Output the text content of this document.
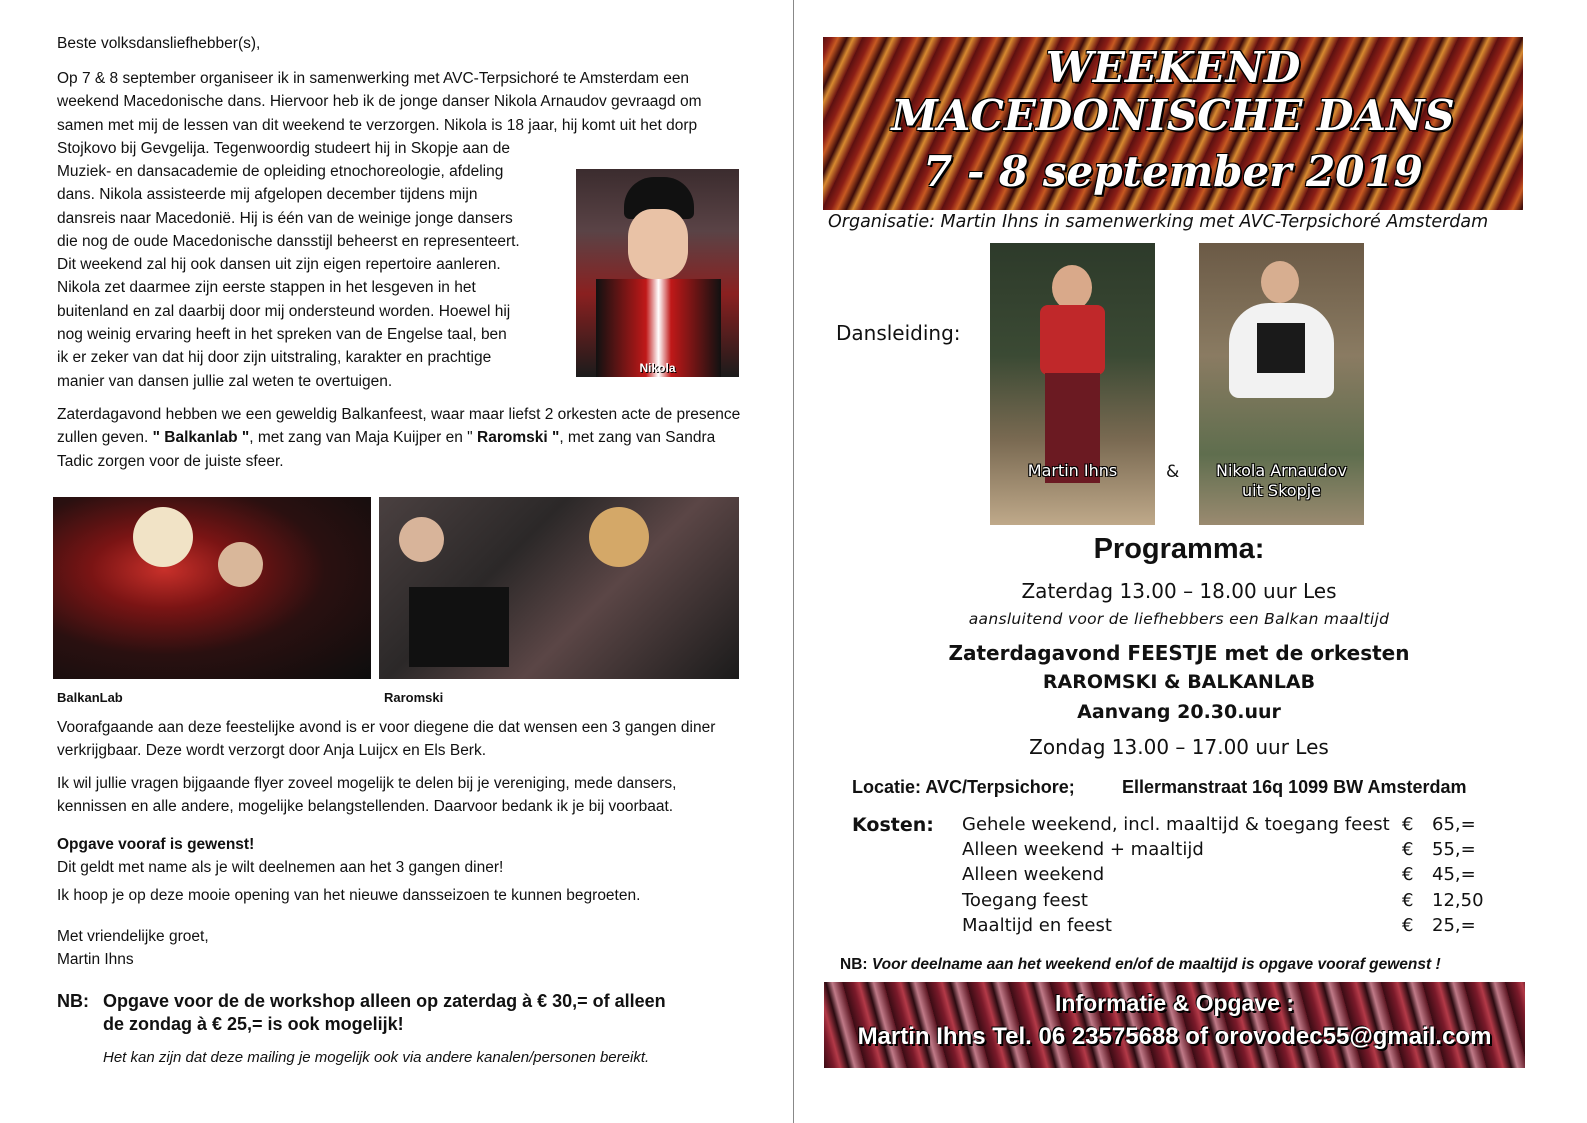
Beste volksdansliefhebber(s),

Op 7 & 8 september organiseer ik in samenwerking met AVC-Terpsichoré te Amsterdam een weekend Macedonische dans. Hiervoor heb ik de jonge danser Nikola Arnaudov gevraagd om samen met mij de lessen van dit weekend te verzorgen. Nikola is 18 jaar, hij komt uit het dorp Stojkovo bij Gevgelija. Tegenwoordig studeert hij in Skopje aan de

Muziek- en dansacademie de opleiding etnochoreologie, afdeling
dans. Nikola assisteerde mij afgelopen december tijdens mijn
dansreis naar Macedonië. Hij is één van de weinige jonge dansers
die nog de oude Macedonische dansstijl beheerst en representeert.
Dit weekend zal hij ook dansen uit zijn eigen repertoire aanleren.
Nikola zet daarmee zijn eerste stappen in het lesgeven in het
buitenland en zal daarbij door mij ondersteund worden. Hoewel hij
nog weinig ervaring heeft in het spreken van de Engelse taal, ben
ik er zeker van dat hij door zijn uitstraling, karakter en prachtige
manier van dansen jullie zal weten te overtuigen.
Nikola

Zaterdagavond hebben we een geweldig Balkanfeest, waar maar liefst 2 orkesten acte de presence zullen geven. " Balkanlab ", met zang van Maja Kuijper en " Raromski ", met zang van Sandra Tadic zorgen voor de juiste sfeer.

BalkanLab	Raromski

Voorafgaande aan deze feestelijke avond is er voor diegene die dat wensen een 3 gangen diner verkrijgbaar. Deze wordt verzorgt door Anja Luijcx en Els Berk.

Ik wil jullie vragen bijgaande flyer zoveel mogelijk te delen bij je vereniging, mede dansers, kennissen en alle andere, mogelijke belangstellenden. Daarvoor bedank ik je bij voorbaat.

Opgave vooraf is gewenst!

Dit geldt met name als je wilt deelnemen aan het 3 gangen diner!

Ik hoop je op deze mooie opening van het nieuwe dansseizoen te kunnen begroeten.

Met vriendelijke groet,

Martin Ihns

NB: Opgave voor de de workshop alleen op zaterdag à € 30,= of alleen
de zondag à € 25,= is ook mogelijk!

Het kan zijn dat deze mailing je mogelijk ook via andere kanalen/personen bereikt.

WEEKEND
MACEDONISCHE DANS
7 - 8 september 2019
Organisatie: Martin Ihns in samenwerking met AVC-Terpsichoré Amsterdam
Dansleiding:
Martin Ihns	&	Nikola Arnaudov
uit Skopje
Programma:
Zaterdag 13.00 – 18.00 uur Les
aansluitend voor de liefhebbers een Balkan maaltijd
Zaterdagavond FEESTJE met de orkesten
RAROMSKI & BALKANLAB
Aanvang 20.30.uur
Zondag 13.00 – 17.00 uur Les
Locatie: AVC/Terpsichore;	Ellermanstraat 16q 1099 BW Amsterdam
Kosten: Gehele weekend, incl. maaltijd & toegang feest € 65,=
Alleen weekend + maaltijd	€ 55,=
Alleen weekend	€ 45,=
Toegang feest	€ 12,50
Maaltijd en feest	€ 25,=
NB: Voor deelname aan het weekend en/of de maaltijd is opgave vooraf gewenst !
Informatie & Opgave :
Martin Ihns Tel. 06 23575688 of orovodec55@gmail.com
